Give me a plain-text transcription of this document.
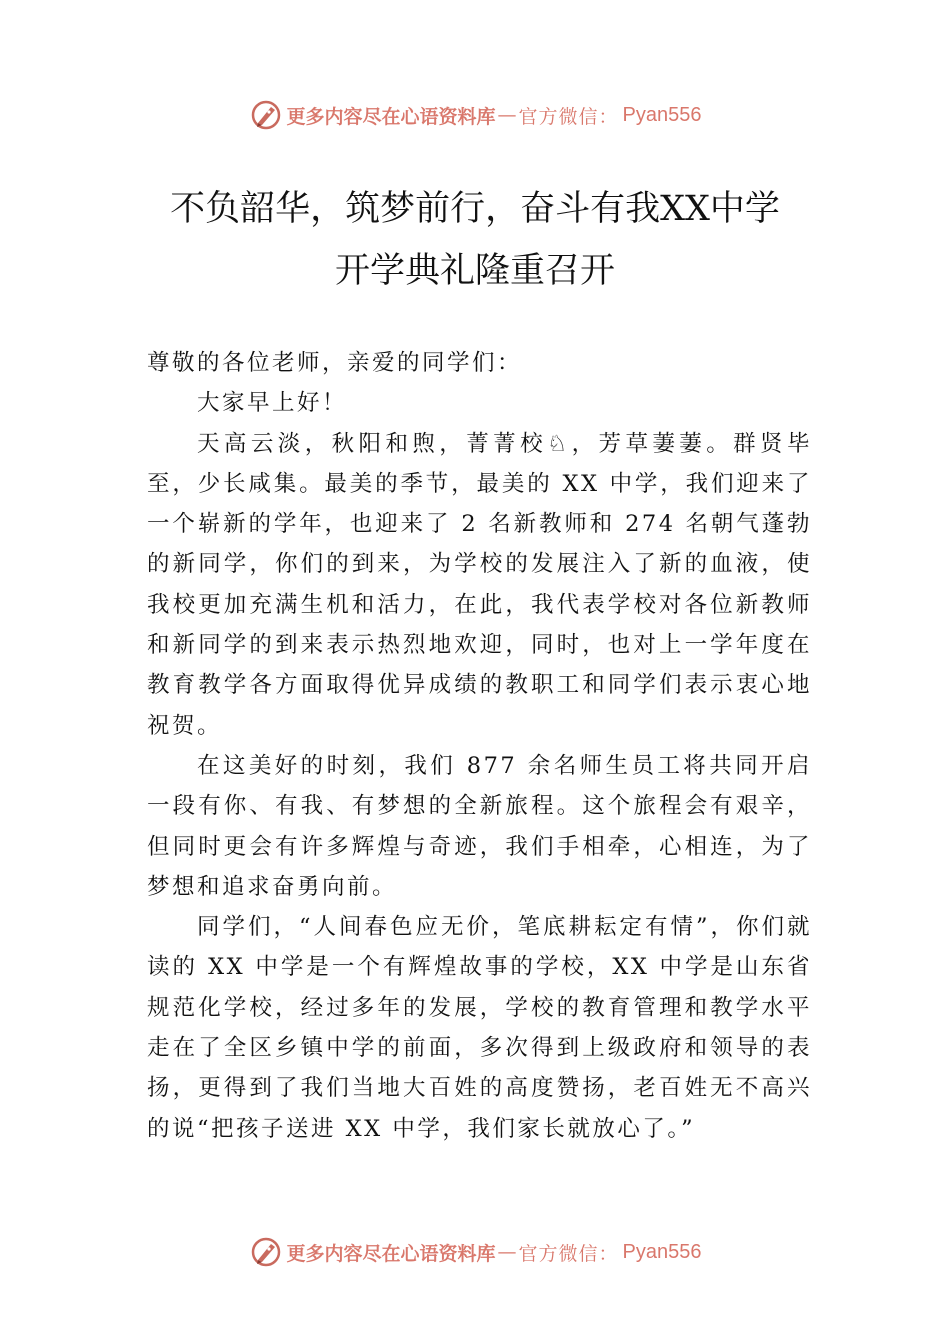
更多内容尽在心语资料库 — 官方微信： Pyan556
不负韶华，筑梦前行，奋斗有我XX中学
开学典礼隆重召开

尊敬的各位老师，亲爱的同学们：

大家早上好！

天高云淡，秋阳和煦，菁菁校♘，芳草萋萋。群贤毕至，少长咸集。最美的季节，最美的 XX 中学，我们迎来了一个崭新的学年，也迎来了 2 名新教师和 274 名朝气蓬勃的新同学，你们的到来，为学校的发展注入了新的血液，使我校更加充满生机和活力，在此，我代表学校对各位新教师和新同学的到来表示热烈地欢迎，同时，也对上一学年度在教育教学各方面取得优异成绩的教职工和同学们表示衷心地祝贺。

在这美好的时刻，我们 877 余名师生员工将共同开启一段有你、有我、有梦想的全新旅程。这个旅程会有艰辛，但同时更会有许多辉煌与奇迹，我们手相牵，心相连，为了梦想和追求奋勇向前。

同学们，“人间春色应无价，笔底耕耘定有情”，你们就读的 XX 中学是一个有辉煌故事的学校，XX 中学是山东省规范化学校，经过多年的发展，学校的教育管理和教学水平走在了全区乡镇中学的前面，多次得到上级政府和领导的表扬，更得到了我们当地大百姓的高度赞扬，老百姓无不高兴的说“把孩子送进 XX 中学，我们家长就放心了。”

更多内容尽在心语资料库 — 官方微信： Pyan556
